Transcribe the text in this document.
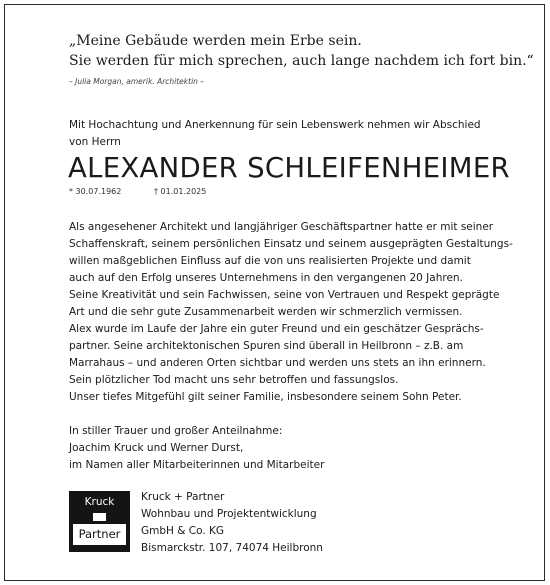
„Meine Gebäude werden mein Erbe sein.
Sie werden für mich sprechen, auch lange nachdem ich fort bin.“
– Julia Morgan, amerik. Architektin –
Mit Hochachtung und Anerkennung für sein Lebenswerk nehmen wir Abschied
von Herrn
ALEXANDER SCHLEIFENHEIMER
* 30.07.1962	† 01.01.2025
Als angesehener Architekt und langjähriger Geschäftspartner hatte er mit seiner
Schaffenskraft, seinem persönlichen Einsatz und seinem ausgeprägten Gestaltungs-
willen maßgeblichen Einfluss auf die von uns realisierten Projekte und damit
auch auf den Erfolg unseres Unternehmens in den vergangenen 20 Jahren.
Seine Kreativität und sein Fachwissen, seine von Vertrauen und Respekt geprägte
Art und die sehr gute Zusammenarbeit werden wir schmerzlich vermissen.
Alex wurde im Laufe der Jahre ein guter Freund und ein geschätzer Gesprächs-
partner. Seine architektonischen Spuren sind überall in Heilbronn – z.B. am
Marrahaus – und anderen Orten sichtbar und werden uns stets an ihn erinnern.
Sein plötzlicher Tod macht uns sehr betroffen und fassungslos.
Unser tiefes Mitgefühl gilt seiner Familie, insbesondere seinem Sohn Peter.
In stiller Trauer und großer Anteilnahme:
Joachim Kruck und Werner Durst,
im Namen aller Mitarbeiterinnen und Mitarbeiter
Kruck
Partner
Kruck + Partner
Wohnbau und Projektentwicklung
GmbH & Co. KG
Bismarckstr. 107, 74074 Heilbronn
